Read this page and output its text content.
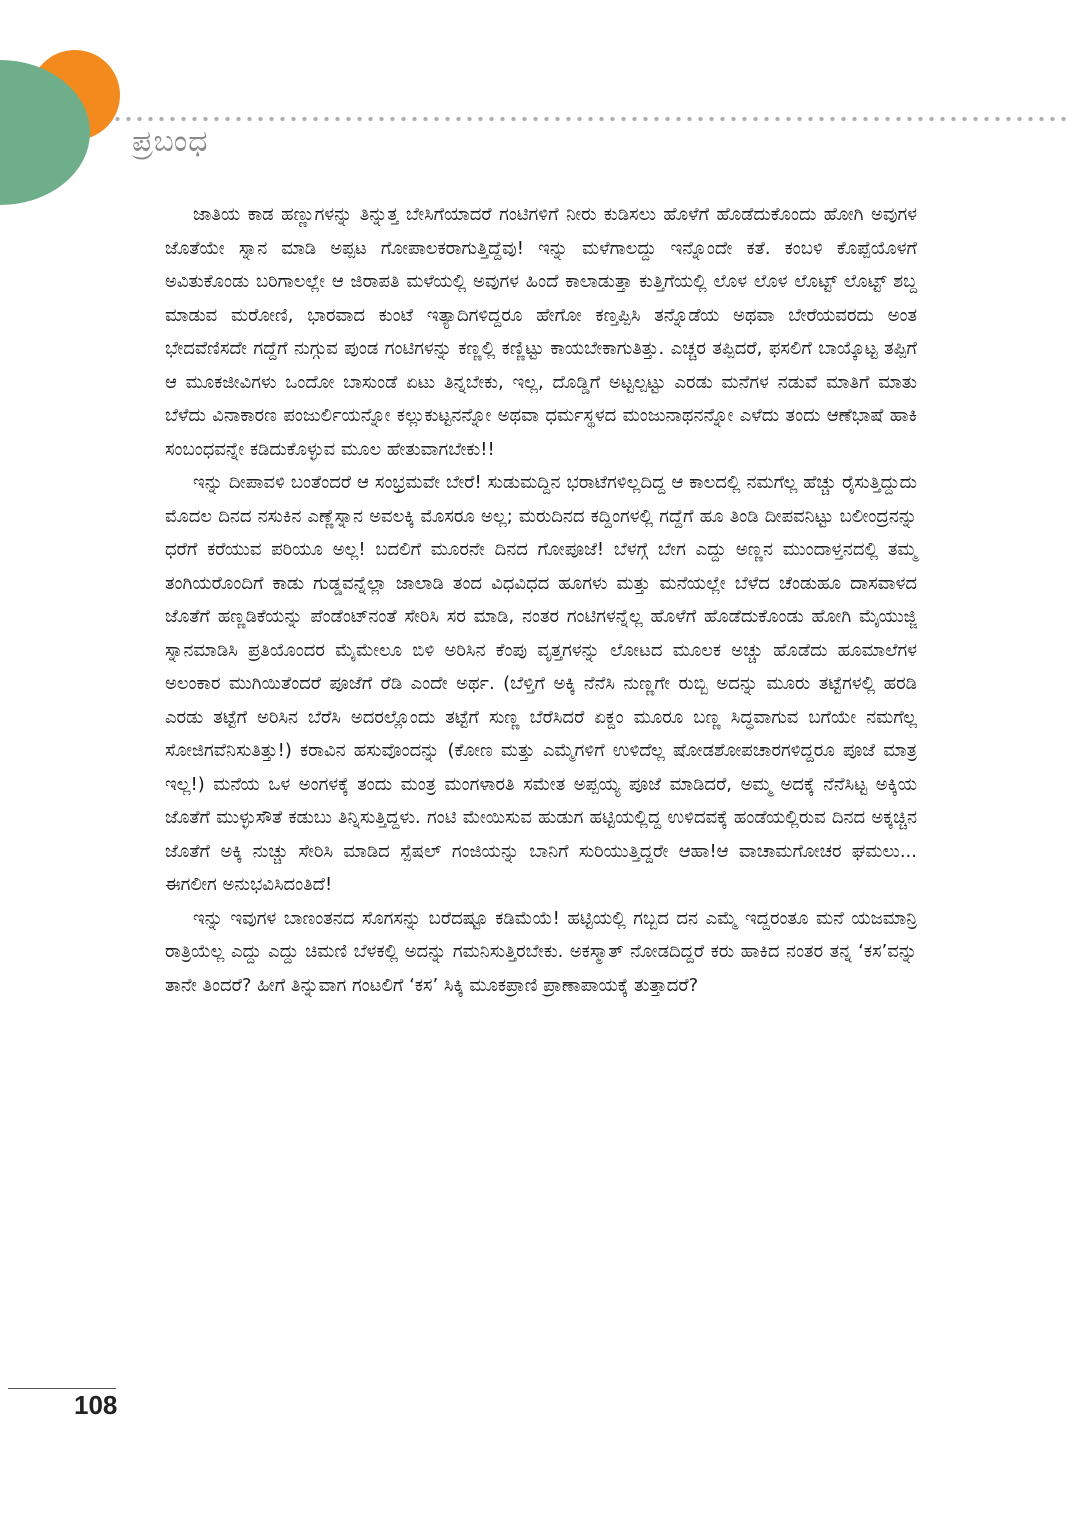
ಪ್ರಬಂಧ

ಜಾತಿಯ ಕಾಡ ಹಣ್ಣುಗಳನ್ನು ತಿನ್ನುತ್ತ ಬೇಸಿಗೆಯಾದರೆ ಗಂಟಿಗಳಿಗೆ ನೀರು ಕುಡಿಸಲು ಹೊಳೆಗೆ ಹೊಡೆದುಕೊಂದು ಹೋಗಿ ಅವುಗಳ ಜೊತೆಯೇ ಸ್ನಾನ ಮಾಡಿ ಅಪ್ಪಟ ಗೋಪಾಲಕರಾಗುತ್ತಿದ್ದೆವು! ಇನ್ನು ಮಳೆಗಾಲದ್ದು ಇನ್ನೊಂದೇ ಕತೆ. ಕಂಬಳಿ ಕೊಪ್ಪೆಯೊಳಗೆ ಅವಿತುಕೊಂಡು ಬರಿಗಾಲಲ್ಲೇ ಆ ಜಿರಾಪತಿ ಮಳೆಯಲ್ಲಿ ಅವುಗಳ ಹಿಂದೆ ಕಾಲಾಡುತ್ತಾ ಕುತ್ತಿಗೆಯಲ್ಲಿ ಲೊಳ ಲೊಳ ಲೊಟ್ಟ್ ಲೊಟ್ಟ್ ಶಬ್ದ ಮಾಡುವ ಮರೋಣಿ, ಭಾರವಾದ ಕುಂಟೆ ಇತ್ಯಾದಿಗಳಿದ್ದರೂ ಹೇಗೋ ಕಣ್ತಪ್ಪಿಸಿ ತನ್ನೊಡೆಯ ಅಥವಾ ಬೇರೆಯವರದು ಅಂತ ಭೇದವೆಣಿಸದೇ ಗದ್ದೆಗೆ ನುಗ್ಗುವ ಪುಂಡ ಗಂಟಿಗಳನ್ನು ಕಣ್ಣಲ್ಲಿ ಕಣ್ಣಿಟ್ಟು ಕಾಯಬೇಕಾಗುತಿತ್ತು. ಎಚ್ಚರ ತಪ್ಪಿದರೆ, ಫಸಲಿಗೆ ಬಾಯ್ಕೊಟ್ಟ ತಪ್ಪಿಗೆ ಆ ಮೂಕಜೀವಿಗಳು ಒಂದೋ ಬಾಸುಂಡೆ ಏಟು ತಿನ್ನಬೇಕು, ಇಲ್ಲ, ದೊಡ್ಡಿಗೆ ಅಟ್ಟಲ್ಪಟ್ಟು ಎರಡು ಮನೆಗಳ ನಡುವೆ ಮಾತಿಗೆ ಮಾತು ಬೆಳೆದು ವಿನಾಕಾರಣ ಪಂಜುರ್ಲಿಯನ್ನೋ ಕಲ್ಲುಕುಟ್ಟನನ್ನೋ ಅಥವಾ ಧರ್ಮಸ್ಥಳದ ಮಂಜುನಾಥನನ್ನೋ ಎಳೆದು ತಂದು ಆಣೆಭಾಷೆ ಹಾಕಿ ಸಂಬಂಧವನ್ನೇ ಕಡಿದುಕೊಳ್ಳುವ ಮೂಲ ಹೇತುವಾಗಬೇಕು!!

ಇನ್ನು ದೀಪಾವಳಿ ಬಂತೆಂದರೆ ಆ ಸಂಭ್ರಮವೇ ಬೇರೆ! ಸುಡುಮದ್ದಿನ ಭರಾಟೆಗಳಿಲ್ಲದಿದ್ದ ಆ ಕಾಲದಲ್ಲಿ ನಮಗೆಲ್ಲ ಹೆಚ್ಚು ರೈಸುತ್ತಿದ್ದುದು ಮೊದಲ ದಿನದ ನಸುಕಿನ ಎಣ್ಣೆಸ್ನಾನ ಅವಲಕ್ಕಿ ಮೊಸರೂ ಅಲ್ಲ; ಮರುದಿನದ ಕದ್ದಿಂಗಳಲ್ಲಿ ಗದ್ದೆಗೆ ಹೂ ತಿಂಡಿ ದೀಪವನಿಟ್ಟು ಬಲೀಂದ್ರನನ್ನು ಧರೆಗೆ ಕರೆಯುವ ಪರಿಯೂ ಅಲ್ಲ! ಬದಲಿಗೆ ಮೂರನೇ ದಿನದ ಗೋಪೂಜೆ! ಬೆಳಗ್ಗೆ ಬೇಗ ಎದ್ದು ಅಣ್ಣನ ಮುಂದಾಳ್ತನದಲ್ಲಿ ತಮ್ಮ ತಂಗಿಯರೊಂದಿಗೆ ಕಾಡು ಗುಡ್ಡವನ್ನೆಲ್ಲಾ ಜಾಲಾಡಿ ತಂದ ವಿಧವಿಧದ ಹೂಗಳು ಮತ್ತು ಮನೆಯಲ್ಲೇ ಬೆಳೆದ ಚೆಂಡುಹೂ ದಾಸವಾಳದ ಜೊತೆಗೆ ಹಣ್ಣಡಿಕೆಯನ್ನು ಪೆಂಡೆಂಟ್‌ನಂತೆ ಸೇರಿಸಿ ಸರ ಮಾಡಿ, ನಂತರ ಗಂಟಿಗಳನ್ನೆಲ್ಲ ಹೊಳೆಗೆ ಹೊಡೆದುಕೊಂಡು ಹೋಗಿ ಮೈಯುಜ್ಜಿ ಸ್ನಾನಮಾಡಿಸಿ ಪ್ರತಿಯೊಂದರ ಮೈಮೇಲೂ ಬಿಳಿ ಅರಿಸಿನ ಕೆಂಪು ವೃತ್ತಗಳನ್ನು ಲೋಟದ ಮೂಲಕ ಅಚ್ಚು ಹೊಡೆದು ಹೂಮಾಲೆಗಳ ಅಲಂಕಾರ ಮುಗಿಯಿತೆಂದರೆ ಪೂಜೆಗೆ ರೆಡಿ ಎಂದೇ ಅರ್ಥ. (ಬೆಳ್ತಿಗೆ ಅಕ್ಕಿ ನೆನೆಸಿ ನುಣ್ಣಗೇ ರುಬ್ಬಿ ಅದನ್ನು ಮೂರು ತಟ್ಟೆಗಳಲ್ಲಿ ಹರಡಿ ಎರಡು ತಟ್ಟೆಗೆ ಅರಿಸಿನ ಬೆರೆಸಿ ಅದರಲ್ಲೊಂದು ತಟ್ಟೆಗೆ ಸುಣ್ಣ ಬೆರೆಸಿದರೆ ಏಕ್ದಂ ಮೂರೂ ಬಣ್ಣ ಸಿದ್ಧವಾಗುವ ಬಗೆಯೇ ನಮಗೆಲ್ಲ ಸೋಜಿಗವೆನಿಸುತಿತ್ತು!) ಕರಾವಿನ ಹಸುವೊಂದನ್ನು (ಕೋಣ ಮತ್ತು ಎಮ್ಮೆಗಳಿಗೆ ಉಳಿದೆಲ್ಲ ಷೋಡಶೋಪಚಾರಗಳಿದ್ದರೂ ಪೂಜೆ ಮಾತ್ರ ಇಲ್ಲ!) ಮನೆಯ ಒಳ ಅಂಗಳಕ್ಕೆ ತಂದು ಮಂತ್ರ ಮಂಗಳಾರತಿ ಸಮೇತ ಅಪ್ಪಯ್ಯ ಪೂಜೆ ಮಾಡಿದರೆ, ಅಮ್ಮ ಅದಕ್ಕೆ ನೆನೆಸಿಟ್ಟ ಅಕ್ಕಿಯ ಜೊತೆಗೆ ಮುಳ್ಳುಸೌತೆ ಕಡುಬು ತಿನ್ನಿಸುತ್ತಿದ್ದಳು. ಗಂಟಿ ಮೇಯಿಸುವ ಹುಡುಗ ಹಟ್ಟಿಯಲ್ಲಿದ್ದ ಉಳಿದವಕ್ಕೆ ಹಂಡೆಯಲ್ಲಿರುವ ದಿನದ ಅಕ್ಕಚ್ಚಿನ ಜೊತೆಗೆ ಅಕ್ಕಿ ನುಚ್ಚು ಸೇರಿಸಿ ಮಾಡಿದ ಸ್ಪೆಷಲ್ ಗಂಜಿಯನ್ನು ಬಾನಿಗೆ ಸುರಿಯುತ್ತಿದ್ದರೇ ಆಹಾ!ಆ ವಾಚಾಮಗೋಚರ ಘಮಲು... ಈಗಲೀಗ ಅನುಭವಿಸಿದಂತಿದೆ!

ಇನ್ನು ಇವುಗಳ ಬಾಣಂತನದ ಸೊಗಸನ್ನು ಬರೆದಷ್ಟೂ ಕಡಿಮೆಯೆ! ಹಟ್ಟಿಯಲ್ಲಿ ಗಬ್ಬದ ದನ ಎಮ್ಮೆ ಇದ್ದರಂತೂ ಮನೆ ಯಜಮಾನ್ರಿ ರಾತ್ರಿಯೆಲ್ಲ ಎದ್ದು ಎದ್ದು ಚಿಮಣಿ ಬೆಳಕಲ್ಲಿ ಅದನ್ನು ಗಮನಿಸುತ್ತಿರಬೇಕು. ಅಕಸ್ಮಾತ್ ನೋಡದಿದ್ದರೆ ಕರು ಹಾಕಿದ ನಂತರ ತನ್ನ ‘ಕಸ’ವನ್ನು ತಾನೇ ತಿಂದರೆ? ಹೀಗೆ ತಿನ್ನುವಾಗ ಗಂಟಲಿಗೆ ‘ಕಸ’ ಸಿಕ್ಕಿ ಮೂಕಪ್ರಾಣಿ ಪ್ರಾಣಾಪಾಯಕ್ಕೆ ತುತ್ತಾದರೆ?

108
